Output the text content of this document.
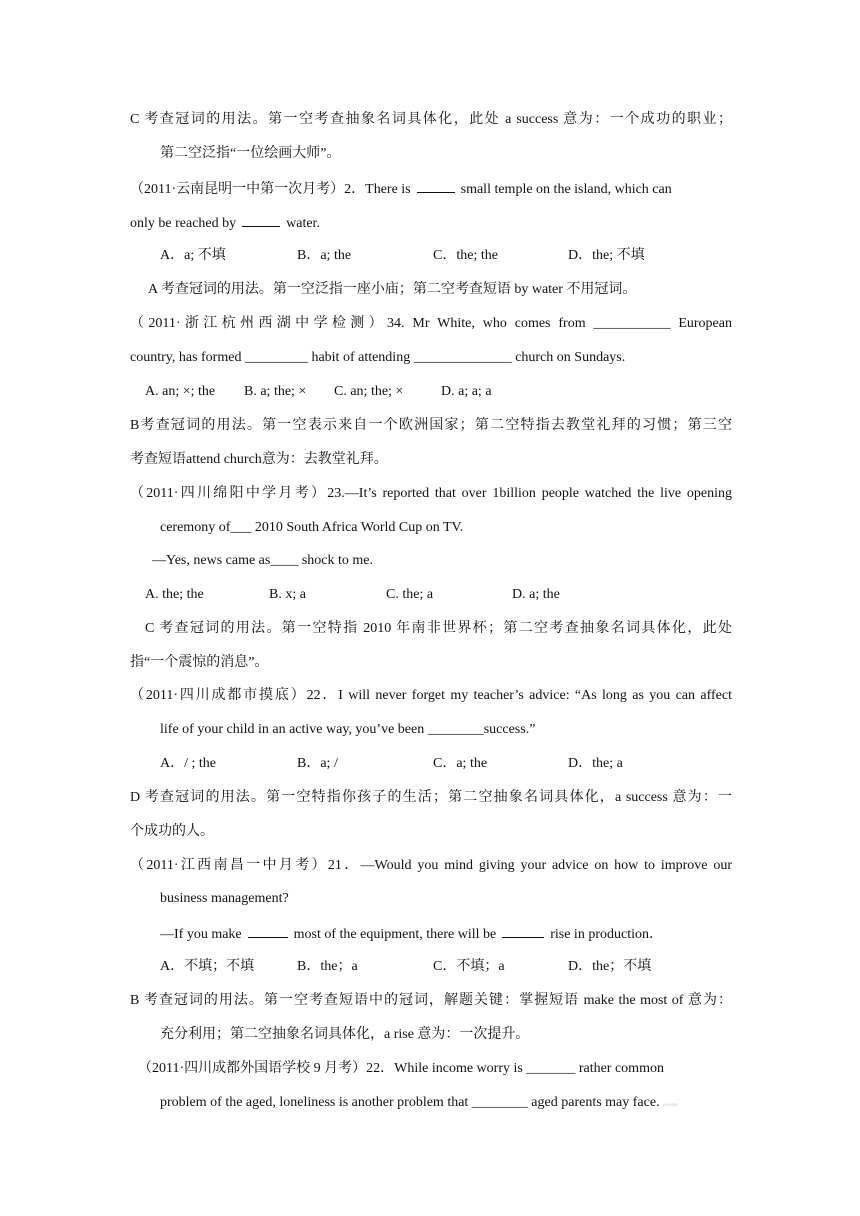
C 考查冠词的用法。第一空考查抽象名词具体化，此处 a success 意为：一个成功的职业；
第二空泛指“一位绘画大师”。
（2011·云南昆明一中第一次月考）2．There is	small temple on the island, which can
only be reached by	water.
A．a; 不填	B．a; the	C．the; the	D．the; 不填
A 考查冠词的用法。第一空泛指一座小庙；第二空考查短语 by water 不用冠词。
（2011·浙江杭州西湖中学检测）34. Mr White, who comes from ___________ European
country, has formed _________ habit of attending ______________ church on Sundays.
A. an; ×; the	B. a; the; ×	C. an; the; ×	D. a; a; a
B考查冠词的用法。第一空表示来自一个欧洲国家；第二空特指去教堂礼拜的习惯；第三空
考查短语attend church意为：去教堂礼拜。
（2011·四川绵阳中学月考）23.—It’s reported that over 1billion people watched the live opening
ceremony of___ 2010 South Africa World Cup on TV.
—Yes, news came as____ shock to me.
A. the; the	B. x; a	C. the; a	D. a; the
C 考查冠词的用法。第一空特指 2010 年南非世界杯；第二空考查抽象名词具体化，此处
指“一个震惊的消息”。
（2011·四川成都市摸底）22．I will never forget my teacher’s advice: “As long as you can affect
life of your child in an active way, you’ve been ________success.”
A．/ ; the	B．a; /	C．a; the	D．the; a
D 考查冠词的用法。第一空特指你孩子的生活；第二空抽象名词具体化，a success 意为：一
个成功的人。
（2011·江西南昌一中月考）21．—Would you mind giving your advice on how to improve our
business management?
—If you make	most of the equipment, there will be	rise in production．
A．不填；不填	B．the；a	C．不填；a	D．the；不填
B 考查冠词的用法。第一空考查短语中的冠词，解题关键：掌握短语 make the most of 意为：
充分利用；第二空抽象名词具体化，a rise 意为：一次提升。
（2011·四川成都外国语学校 9 月考）22．While income worry is _______ rather common
problem of the aged, loneliness is another problem that ________ aged parents may face. 高考资源网
